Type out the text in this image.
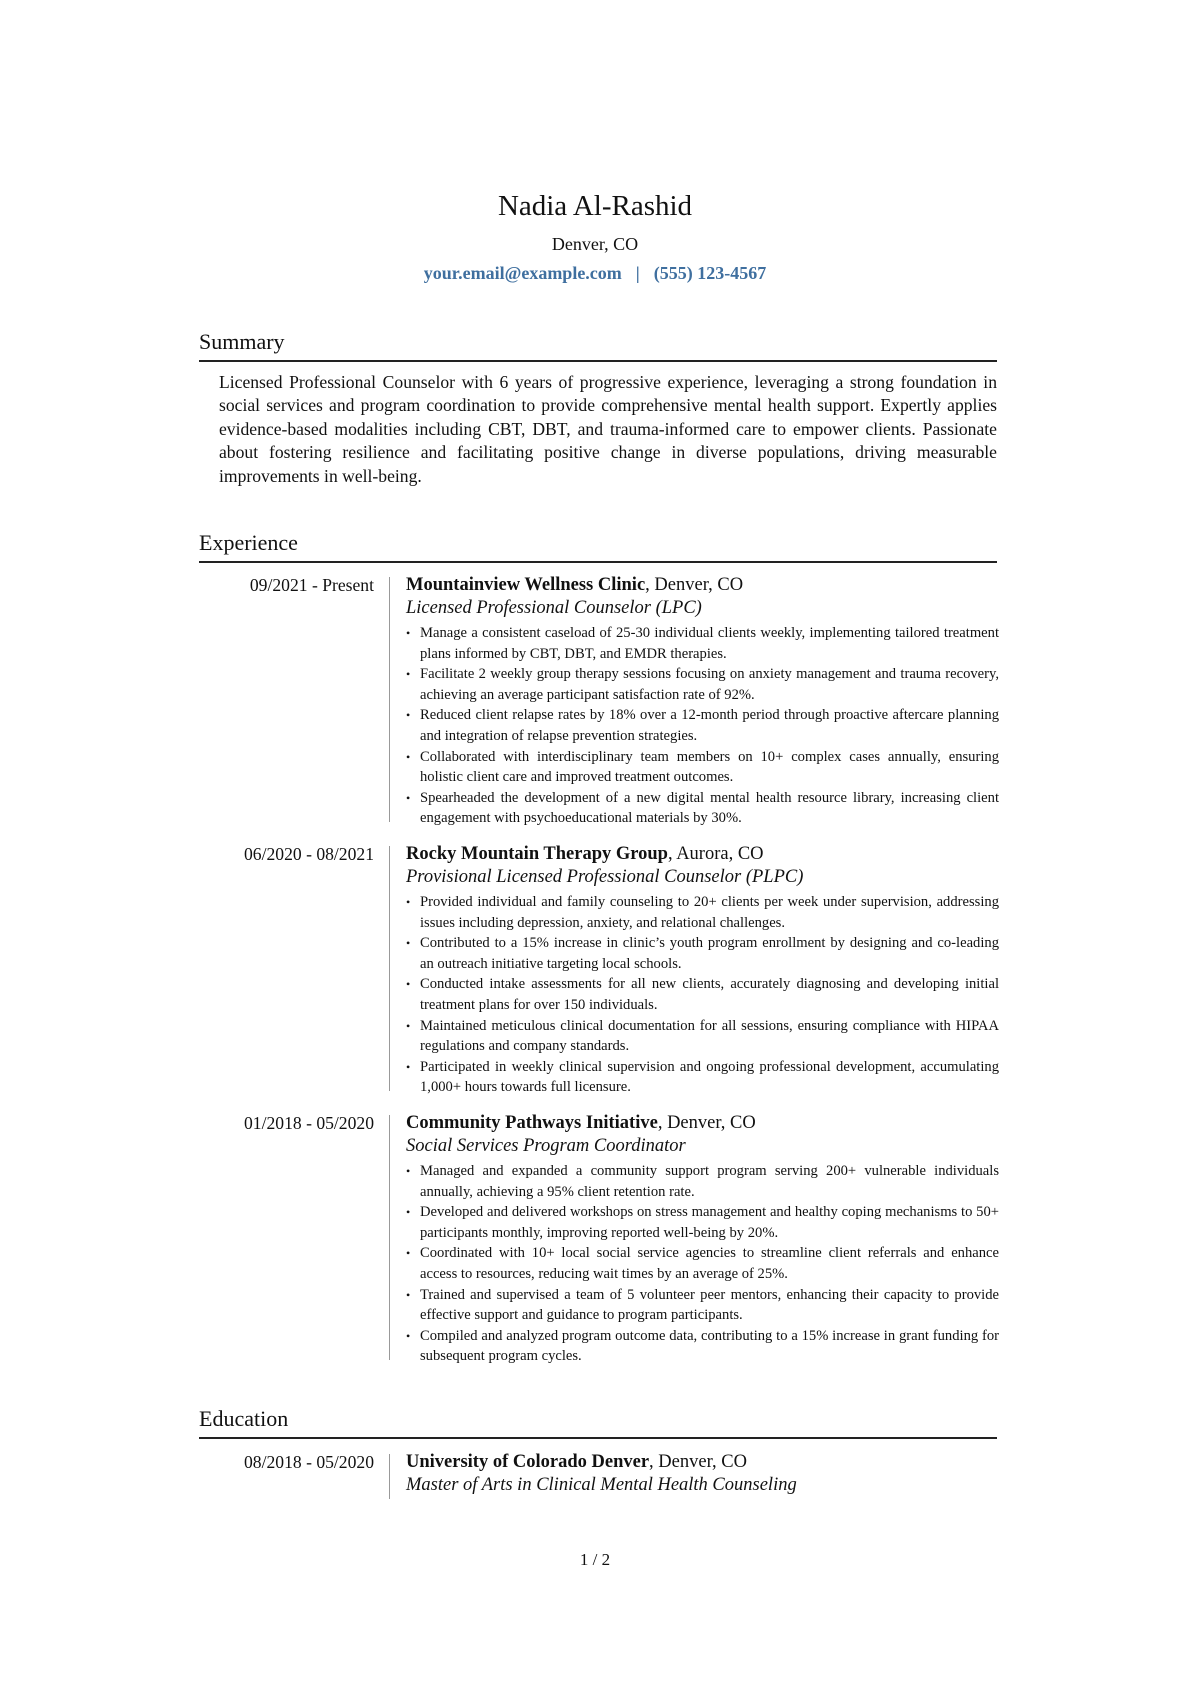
Nadia Al-Rashid
Denver, CO
your.email@example.com | (555) 123-4567
Summary
Licensed Professional Counselor with 6 years of progressive experience, leveraging a strong foundation in social services and program coordination to provide comprehensive mental health support. Expertly applies evidence-based modalities including CBT, DBT, and trauma-informed care to empower clients. Passionate about fostering resilience and facilitating positive change in diverse populations, driving measurable improvements in well-being.
Experience
09/2021 - Present Mountainview Wellness Clinic, Denver, CO
Licensed Professional Counselor (LPC)
• Manage a consistent caseload of 25-30 individual clients weekly, implementing tailored treatment plans informed by CBT, DBT, and EMDR therapies.
• Facilitate 2 weekly group therapy sessions focusing on anxiety management and trauma recovery, achieving an average participant satisfaction rate of 92%.
• Reduced client relapse rates by 18% over a 12-month period through proactive aftercare planning and integration of relapse prevention strategies.
• Collaborated with interdisciplinary team members on 10+ complex cases annually, ensuring holistic client care and improved treatment outcomes.
• Spearheaded the development of a new digital mental health resource library, increasing client engagement with psychoeducational materials by 30%.
06/2020 - 08/2021 Rocky Mountain Therapy Group, Aurora, CO
Provisional Licensed Professional Counselor (PLPC)
• Provided individual and family counseling to 20+ clients per week under supervision, addressing issues including depression, anxiety, and relational challenges.
• Contributed to a 15% increase in clinic’s youth program enrollment by designing and co-leading an outreach initiative targeting local schools.
• Conducted intake assessments for all new clients, accurately diagnosing and developing initial treatment plans for over 150 individuals.
• Maintained meticulous clinical documentation for all sessions, ensuring compliance with HIPAA regulations and company standards.
• Participated in weekly clinical supervision and ongoing professional development, accumulating 1,000+ hours towards full licensure.
01/2018 - 05/2020 Community Pathways Initiative, Denver, CO
Social Services Program Coordinator
• Managed and expanded a community support program serving 200+ vulnerable individuals annually, achieving a 95% client retention rate.
• Developed and delivered workshops on stress management and healthy coping mechanisms to 50+ participants monthly, improving reported well-being by 20%.
• Coordinated with 10+ local social service agencies to streamline client referrals and enhance access to resources, reducing wait times by an average of 25%.
• Trained and supervised a team of 5 volunteer peer mentors, enhancing their capacity to provide effective support and guidance to program participants.
• Compiled and analyzed program outcome data, contributing to a 15% increase in grant funding for subsequent program cycles.
Education
08/2018 - 05/2020 University of Colorado Denver, Denver, CO
Master of Arts in Clinical Mental Health Counseling
1 / 2
